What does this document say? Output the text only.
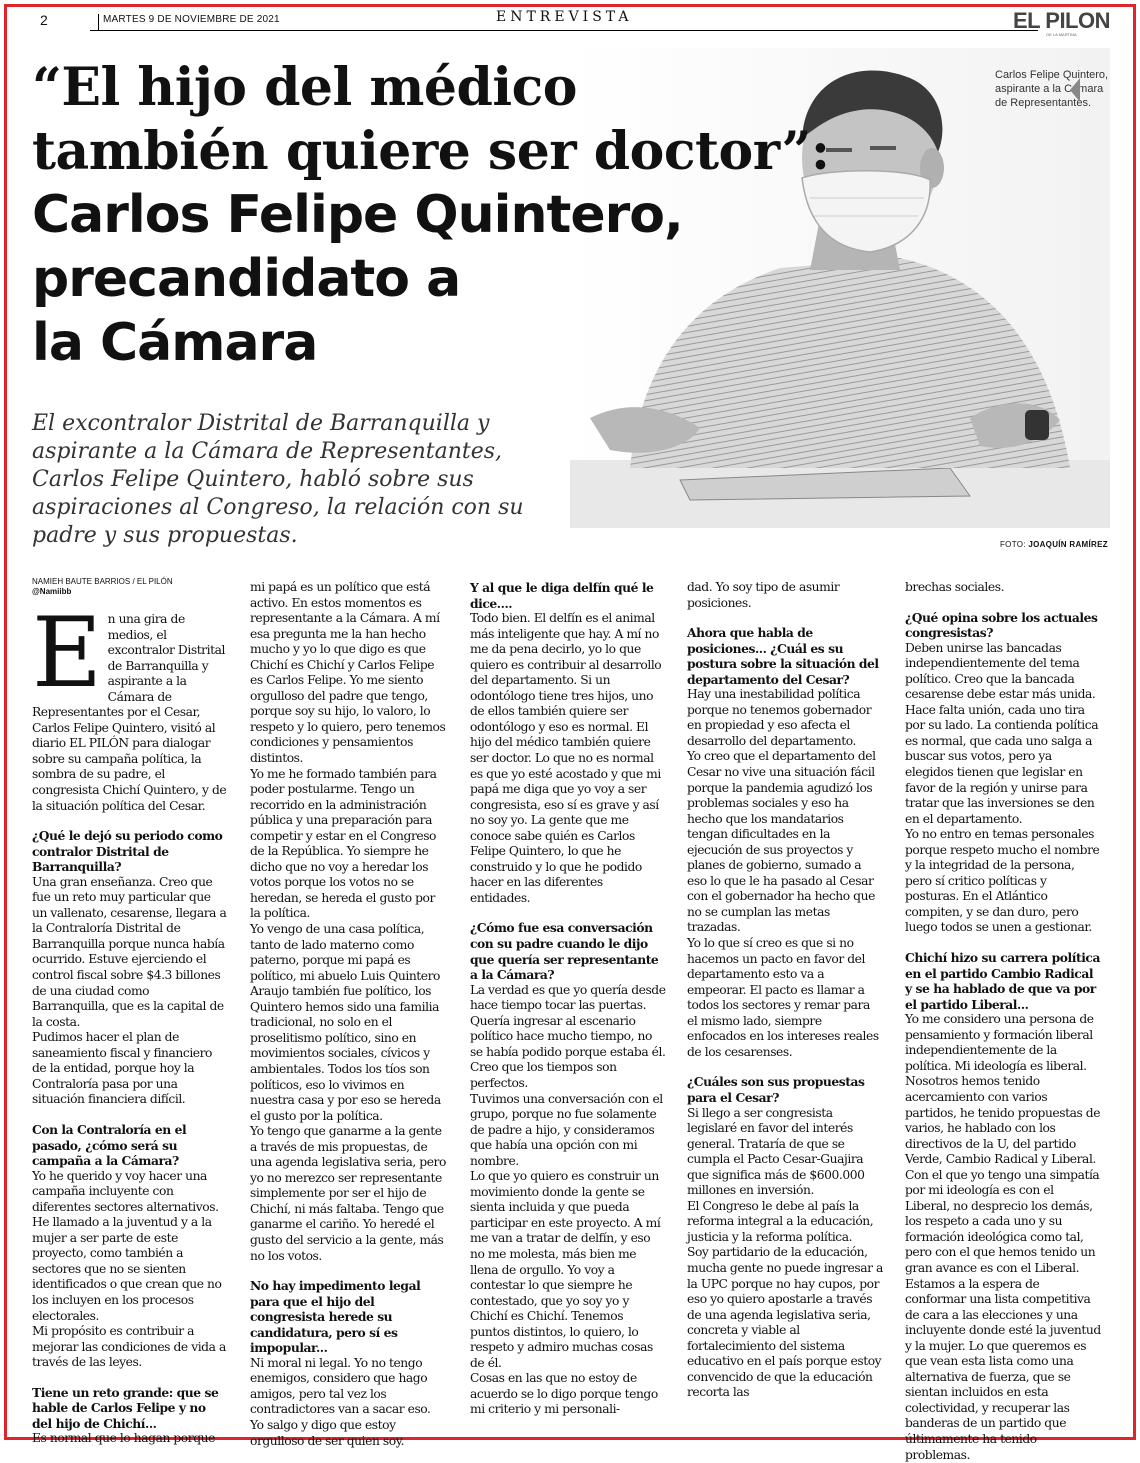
2	MARTES 9 DE NOVIEMBRE DE 2021	ENTREVISTA	EL PILON
DE LA MARTINA
Carlos Felipe Quintero, aspirante a la Cámara de Representantes.
FOTO: JOAQUÍN RAMÍREZ
“El hijo del médico
también quiere ser doctor”:
Carlos Felipe Quintero,
precandidato a
la Cámara

El excontralor Distrital de Barranquilla y aspirante a la Cámara de Representantes, Carlos Felipe Quintero, habló sobre sus aspiraciones al Congreso, la relación con su padre y sus propuestas.

NAMIEH BAUTE BARRIOS / EL PILÓN
@Namiibb
E n una gira de medios, el excontralor Distrital de Barranquilla y aspirante a la Cámara de Representantes por el Cesar, Carlos Felipe Quintero, visitó al diario EL PILÓN para dialogar sobre su campaña política, la sombra de su padre, el congresista Chichí Quintero, y de la situación política del Cesar.

¿Qué le dejó su periodo como contralor Distrital de Barranquilla?

Una gran enseñanza. Creo que fue un reto muy particular que un vallenato, cesarense, llegara a la Contraloría Distrital de Barranquilla porque nunca había ocurrido. Estuve ejerciendo el control fiscal sobre $4.3 billones de una ciudad como Barranquilla, que es la capital de la costa.

Pudimos hacer el plan de saneamiento fiscal y financiero de la entidad, porque hoy la Contraloría pasa por una situación financiera difícil.

Con la Contraloría en el pasado, ¿cómo será su campaña a la Cámara?

Yo he querido y voy hacer una campaña incluyente con diferentes sectores alternativos. He llamado a la juventud y a la mujer a ser parte de este proyecto, como también a sectores que no se sienten identificados o que crean que no los incluyen en los procesos electorales.

Mi propósito es contribuir a mejorar las condiciones de vida a través de las leyes.

Tiene un reto grande: que se hable de Carlos Felipe y no del hijo de Chichí...

Es normal que lo hagan porque

mi papá es un político que está activo. En estos momentos es representante a la Cámara. A mí esa pregunta me la han hecho mucho y yo lo que digo es que Chichí es Chichí y Carlos Felipe es Carlos Felipe. Yo me siento orgulloso del padre que tengo, porque soy su hijo, lo valoro, lo respeto y lo quiero, pero tenemos condiciones y pensamientos distintos.

Yo me he formado también para poder postularme. Tengo un recorrido en la administración pública y una preparación para competir y estar en el Congreso de la República. Yo siempre he dicho que no voy a heredar los votos porque los votos no se heredan, se hereda el gusto por la política.

Yo vengo de una casa política, tanto de lado materno como paterno, porque mi papá es político, mi abuelo Luis Quintero Araujo también fue político, los Quintero hemos sido una familia tradicional, no solo en el proselitismo político, sino en movimientos sociales, cívicos y ambientales. Todos los tíos son políticos, eso lo vivimos en nuestra casa y por eso se hereda el gusto por la política.

Yo tengo que ganarme a la gente a través de mis propuestas, de una agenda legislativa seria, pero yo no merezco ser representante simplemente por ser el hijo de Chichí, ni más faltaba. Tengo que ganarme el cariño. Yo heredé el gusto del servicio a la gente, más no los votos.

No hay impedimento legal para que el hijo del congresista herede su candidatura, pero sí es impopular...

Ni moral ni legal. Yo no tengo enemigos, considero que hago amigos, pero tal vez los contradictores van a sacar eso. Yo salgo y digo que estoy orgulloso de ser quien soy.

Y al que le diga delfín qué le dice....

Todo bien. El delfín es el animal más inteligente que hay. A mí no me da pena decirlo, yo lo que quiero es contribuir al desarrollo del departamento. Si un odontólogo tiene tres hijos, uno de ellos también quiere ser odontólogo y eso es normal. El hijo del médico también quiere ser doctor. Lo que no es normal es que yo esté acostado y que mi papá me diga que yo voy a ser congresista, eso sí es grave y así no soy yo. La gente que me conoce sabe quién es Carlos Felipe Quintero, lo que he construido y lo que he podido hacer en las diferentes entidades.

¿Cómo fue esa conversación con su padre cuando le dijo que quería ser representante a la Cámara?

La verdad es que yo quería desde hace tiempo tocar las puertas. Quería ingresar al escenario político hace mucho tiempo, no se había podido porque estaba él. Creo que los tiempos son perfectos.

Tuvimos una conversación con el grupo, porque no fue solamente de padre a hijo, y consideramos que había una opción con mi nombre.

Lo que yo quiero es construir un movimiento donde la gente se sienta incluida y que pueda participar en este proyecto. A mí me van a tratar de delfín, y eso no me molesta, más bien me llena de orgullo. Yo voy a contestar lo que siempre he contestado, que yo soy yo y Chichí es Chichí. Tenemos puntos distintos, lo quiero, lo respeto y admiro muchas cosas de él.

Cosas en las que no estoy de acuerdo se lo digo porque tengo mi criterio y mi personali-

dad. Yo soy tipo de asumir posiciones.

Ahora que habla de posiciones... ¿Cuál es su postura sobre la situación del departamento del Cesar?

Hay una inestabilidad política porque no tenemos gobernador en propiedad y eso afecta el desarrollo del departamento.

Yo creo que el departamento del Cesar no vive una situación fácil porque la pandemia agudizó los problemas sociales y eso ha hecho que los mandatarios tengan dificultades en la ejecución de sus proyectos y planes de gobierno, sumado a eso lo que le ha pasado al Cesar con el gobernador ha hecho que no se cumplan las metas trazadas.

Yo lo que sí creo es que si no hacemos un pacto en favor del departamento esto va a empeorar. El pacto es llamar a todos los sectores y remar para el mismo lado, siempre enfocados en los intereses reales de los cesarenses.

¿Cuáles son sus propuestas para el Cesar?

Si llego a ser congresista legislaré en favor del interés general. Trataría de que se cumpla el Pacto Cesar-Guajira que significa más de $600.000 millones en inversión.

El Congreso le debe al país la reforma integral a la educación, justicia y la reforma política.

Soy partidario de la educación, mucha gente no puede ingresar a la UPC porque no hay cupos, por eso yo quiero apostarle a través de una agenda legislativa seria, concreta y viable al fortalecimiento del sistema educativo en el país porque estoy convencido de que la educación recorta las

brechas sociales.

¿Qué opina sobre los actuales congresistas?

Deben unirse las bancadas independientemente del tema político. Creo que la bancada cesarense debe estar más unida. Hace falta unión, cada uno tira por su lado. La contienda política es normal, que cada uno salga a buscar sus votos, pero ya elegidos tienen que legislar en favor de la región y unirse para tratar que las inversiones se den en el departamento.

Yo no entro en temas personales porque respeto mucho el nombre y la integridad de la persona, pero sí critico políticas y posturas. En el Atlántico compiten, y se dan duro, pero luego todos se unen a gestionar.

Chichí hizo su carrera política en el partido Cambio Radical y se ha hablado de que va por el partido Liberal...

Yo me considero una persona de pensamiento y formación liberal independientemente de la política. Mi ideología es liberal. Nosotros hemos tenido acercamiento con varios partidos, he tenido propuestas de varios, he hablado con los directivos de la U, del partido Verde, Cambio Radical y Liberal.

Con el que yo tengo una simpatía por mi ideología es con el Liberal, no desprecio los demás, los respeto a cada uno y su formación ideológica como tal, pero con el que hemos tenido un gran avance es con el Liberal. Estamos a la espera de conformar una lista competitiva de cara a las elecciones y una incluyente donde esté la juventud y la mujer. Lo que queremos es que vean esta lista como una alternativa de fuerza, que se sientan incluidos en esta colectividad, y recuperar las banderas de un partido que últimamente ha tenido problemas.
